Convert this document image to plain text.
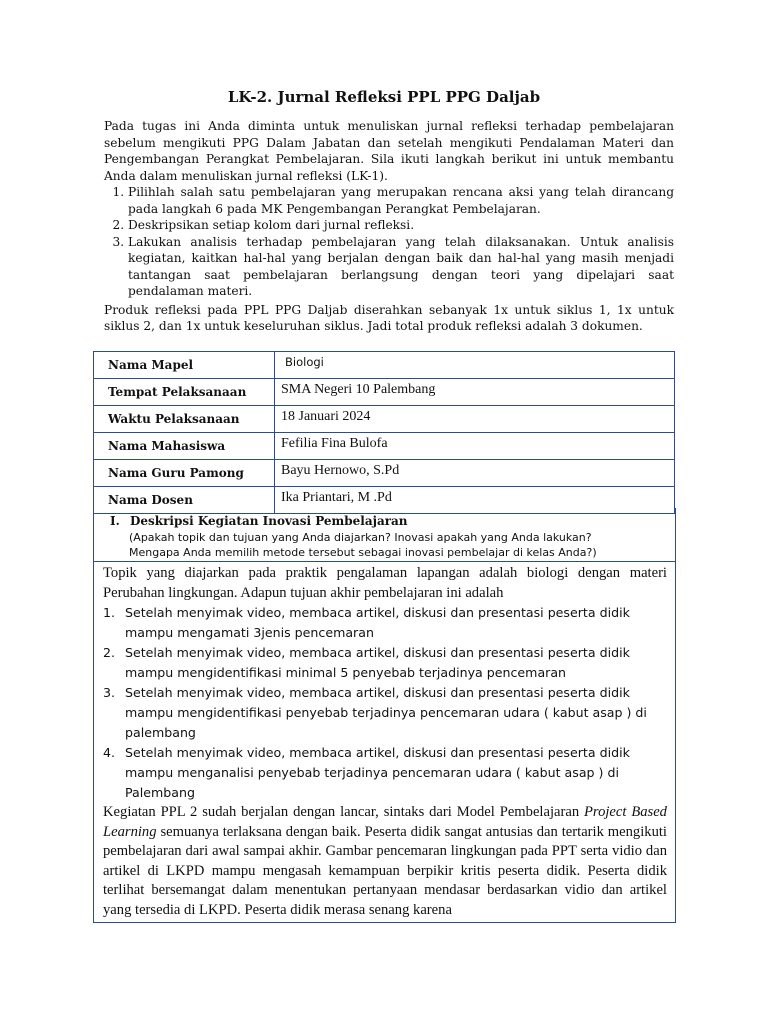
LK-2. Jurnal Refleksi PPL PPG Daljab

Pada tugas ini Anda diminta untuk menuliskan jurnal refleksi terhadap pembelajaran sebelum mengikuti PPG Dalam Jabatan dan setelah mengikuti Pendalaman Materi dan Pengembangan Perangkat Pembelajaran. Sila ikuti langkah berikut ini untuk membantu Anda dalam menuliskan jurnal refleksi (LK-1).

1. Pilihlah salah satu pembelajaran yang merupakan rencana aksi yang telah dirancang pada langkah 6 pada MK Pengembangan Perangkat Pembelajaran.
2. Deskripsikan setiap kolom dari jurnal refleksi.
3. Lakukan analisis terhadap pembelajaran yang telah dilaksanakan. Untuk analisis kegiatan, kaitkan hal-hal yang berjalan dengan baik dan hal-hal yang masih menjadi tantangan saat pembelajaran berlangsung dengan teori yang dipelajari saat pendalaman materi.

Produk refleksi pada PPL PPG Daljab diserahkan sebanyak 1x untuk siklus 1, 1x untuk siklus 2, dan 1x untuk keseluruhan siklus. Jadi total produk refleksi adalah 3 dokumen.

Nama Mapel	Biologi
Tempat Pelaksanaan	SMA Negeri 10 Palembang
Waktu Pelaksanaan	18 Januari 2024
Nama Mahasiswa	Fefilia Fina Bulofa
Nama Guru Pamong	Bayu Hernowo, S.Pd
Nama Dosen	Ika Priantari, M .Pd
I. Deskripsi Kegiatan Inovasi Pembelajaran
(Apakah topik dan tujuan yang Anda diajarkan? Inovasi apakah yang Anda lakukan?
Mengapa Anda memilih metode tersebut sebagai inovasi pembelajar di kelas Anda?)

Topik yang diajarkan pada praktik pengalaman lapangan adalah biologi dengan materi Perubahan lingkungan. Adapun tujuan akhir pembelajaran ini adalah

1. Setelah menyimak video, membaca artikel, diskusi dan presentasi peserta didik mampu mengamati 3jenis pencemaran
2. Setelah menyimak video, membaca artikel, diskusi dan presentasi peserta didik mampu mengidentifikasi minimal 5 penyebab terjadinya pencemaran
3. Setelah menyimak video, membaca artikel, diskusi dan presentasi peserta didik mampu mengidentifikasi penyebab terjadinya pencemaran udara ( kabut asap ) di palembang
4. Setelah menyimak video, membaca artikel, diskusi dan presentasi peserta didik mampu menganalisi penyebab terjadinya pencemaran udara ( kabut asap ) di Palembang

Kegiatan PPL 2 sudah berjalan dengan lancar, sintaks dari Model Pembelajaran Project Based Learning semuanya terlaksana dengan baik. Peserta didik sangat antusias dan tertarik mengikuti pembelajaran dari awal sampai akhir. Gambar pencemaran lingkungan pada PPT serta vidio dan artikel di LKPD mampu mengasah kemampuan berpikir kritis peserta didik. Peserta didik terlihat bersemangat dalam menentukan pertanyaan mendasar berdasarkan vidio dan artikel yang tersedia di LKPD. Peserta didik merasa senang karena
